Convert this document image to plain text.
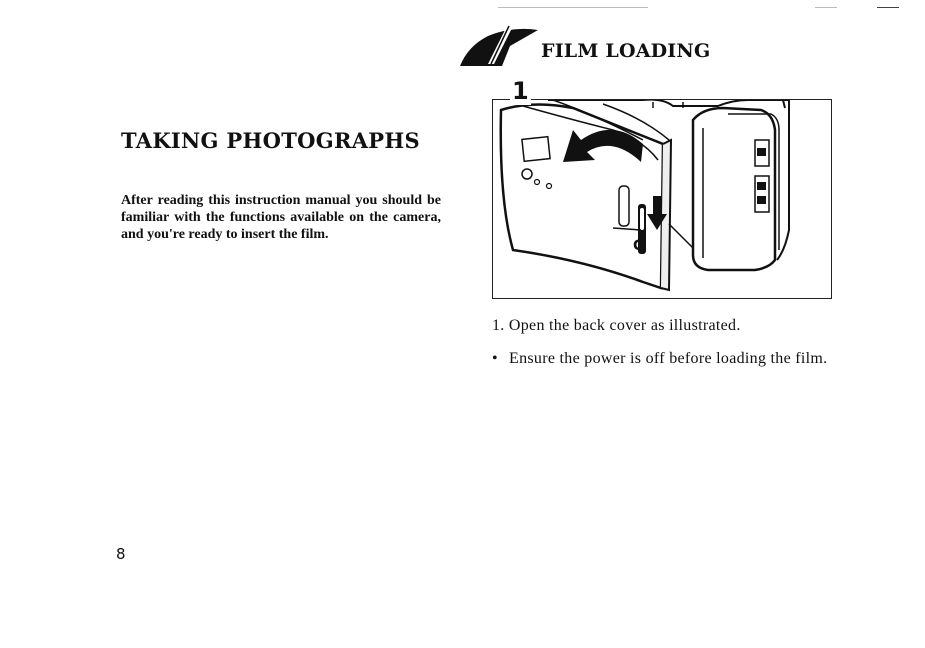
FILM LOADING
TAKING PHOTOGRAPHS

After reading this instruction manual you should be familiar with the functions available on the camera, and you're ready to insert the film.

C
1

1. Open the back cover as illustrated.

• Ensure the power is off before loading the film.

8
